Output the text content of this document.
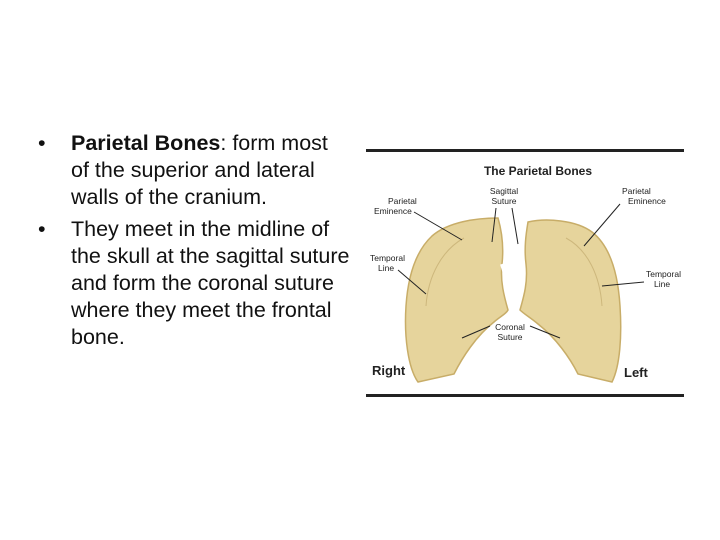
• Parietal Bones: form most of the superior and lateral walls of the cranium.
• They meet in the midline of the skull at the sagittal suture and form the coronal suture where they meet the frontal bone.
The Parietal Bones
Sagittal
Suture
Parietal
Eminence
Parietal
Eminence
Temporal
Line
Temporal
Line
Coronal
Suture
Right	Left
